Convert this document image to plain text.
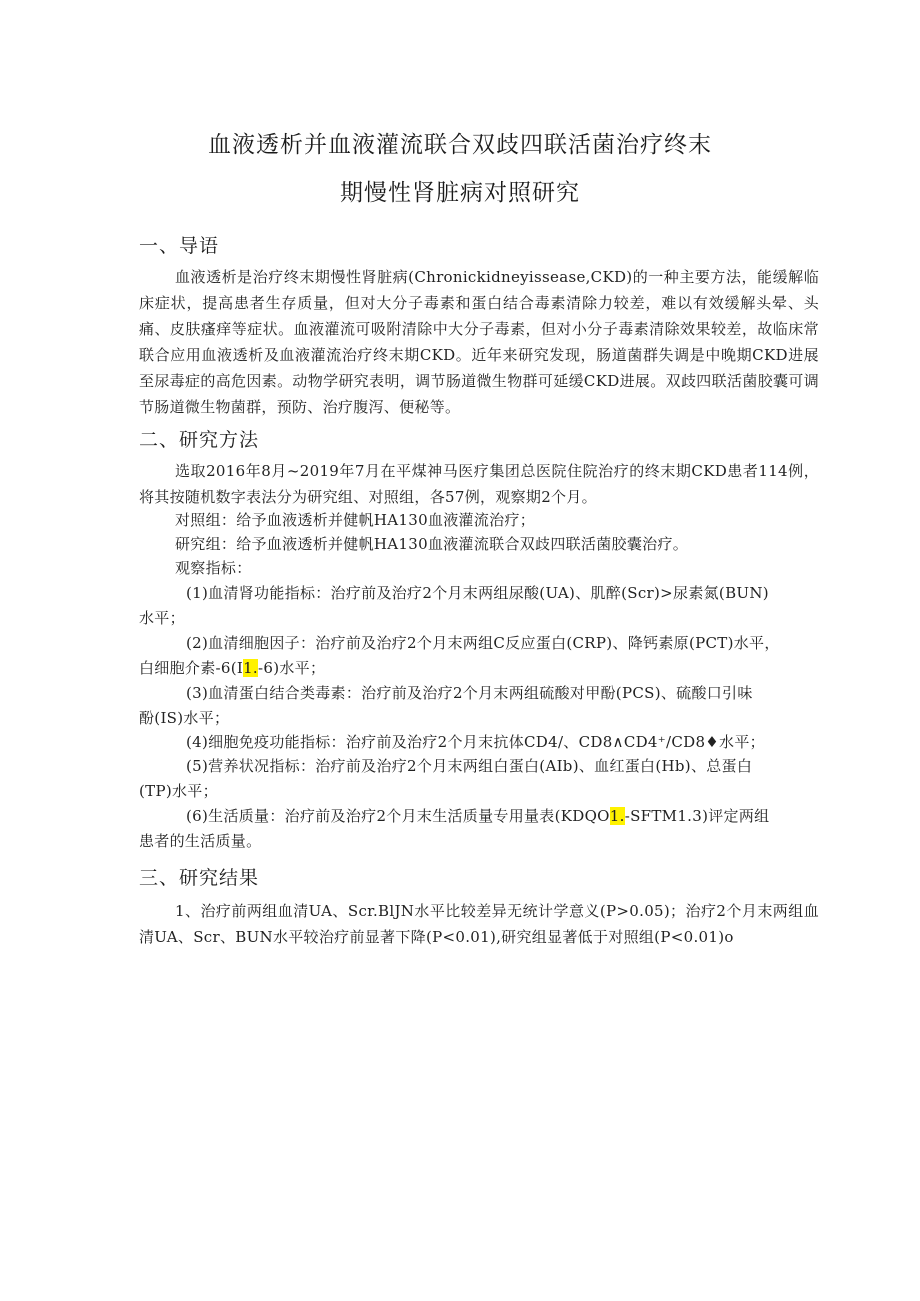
血液透析并血液灌流联合双歧四联活菌治疗终末
期慢性肾脏病对照研究
一、导语
血液透析是治疗终末期慢性肾脏病(Chronickidneyissease,CKD)的一种主要方法，能缓解临床症状，提高患者生存质量，但对大分子毒素和蛋白结合毒素清除力较差，难以有效缓解头晕、头痛、皮肤瘙痒等症状。血液灌流可吸附清除中大分子毒素，但对小分子毒素清除效果较差，故临床常联合应用血液透析及血液灌流治疗终末期CKD。近年来研究发现，肠道菌群失调是中晚期CKD进展至尿毒症的高危因素。动物学研究表明，调节肠道微生物群可延缓CKD进展。双歧四联活菌胶囊可调节肠道微生物菌群，预防、治疗腹泻、便秘等。
二、研究方法
选取2016年8月~2019年7月在平煤神马医疗集团总医院住院治疗的终末期CKD患者114例，将其按随机数字表法分为研究组、对照组，各57例，观察期2个月。
对照组：给予血液透析并健帆HA130血液灌流治疗；
研究组：给予血液透析并健帆HA130血液灌流联合双歧四联活菌胶囊治疗。
观察指标：
(1)血清肾功能指标：治疗前及治疗2个月末两组尿酸(UA)、肌醉(Scr)>尿素氮(BUN)
水平；
(2)血清细胞因子：治疗前及治疗2个月末两组C反应蛋白(CRP)、降钙素原(PCT)水平，
白细胞介素-6(I1.-6)水平；
(3)血清蛋白结合类毒素：治疗前及治疗2个月末两组硫酸对甲酚(PCS)、硫酸口引味
酚(IS)水平；
(4)细胞免疫功能指标：治疗前及治疗2个月末抗体CD4/、CD8∧CD4⁺/CD8♦水平；
(5)营养状况指标：治疗前及治疗2个月末两组白蛋白(AIb)、血红蛋白(Hb)、总蛋白
(TP)水平；
(6)生活质量：治疗前及治疗2个月末生活质量专用量表(KDQO1.-SFTM1.3)评定两组
患者的生活质量。
三、研究结果
1、治疗前两组血清UA、Scr.BlJN水平比较差异无统计学意义(P>0.05)；治疗2个月末两组血清UA、Scr、BUN水平较治疗前显著下降(P<0.01),研究组显著低于对照组(P<0.01)o
